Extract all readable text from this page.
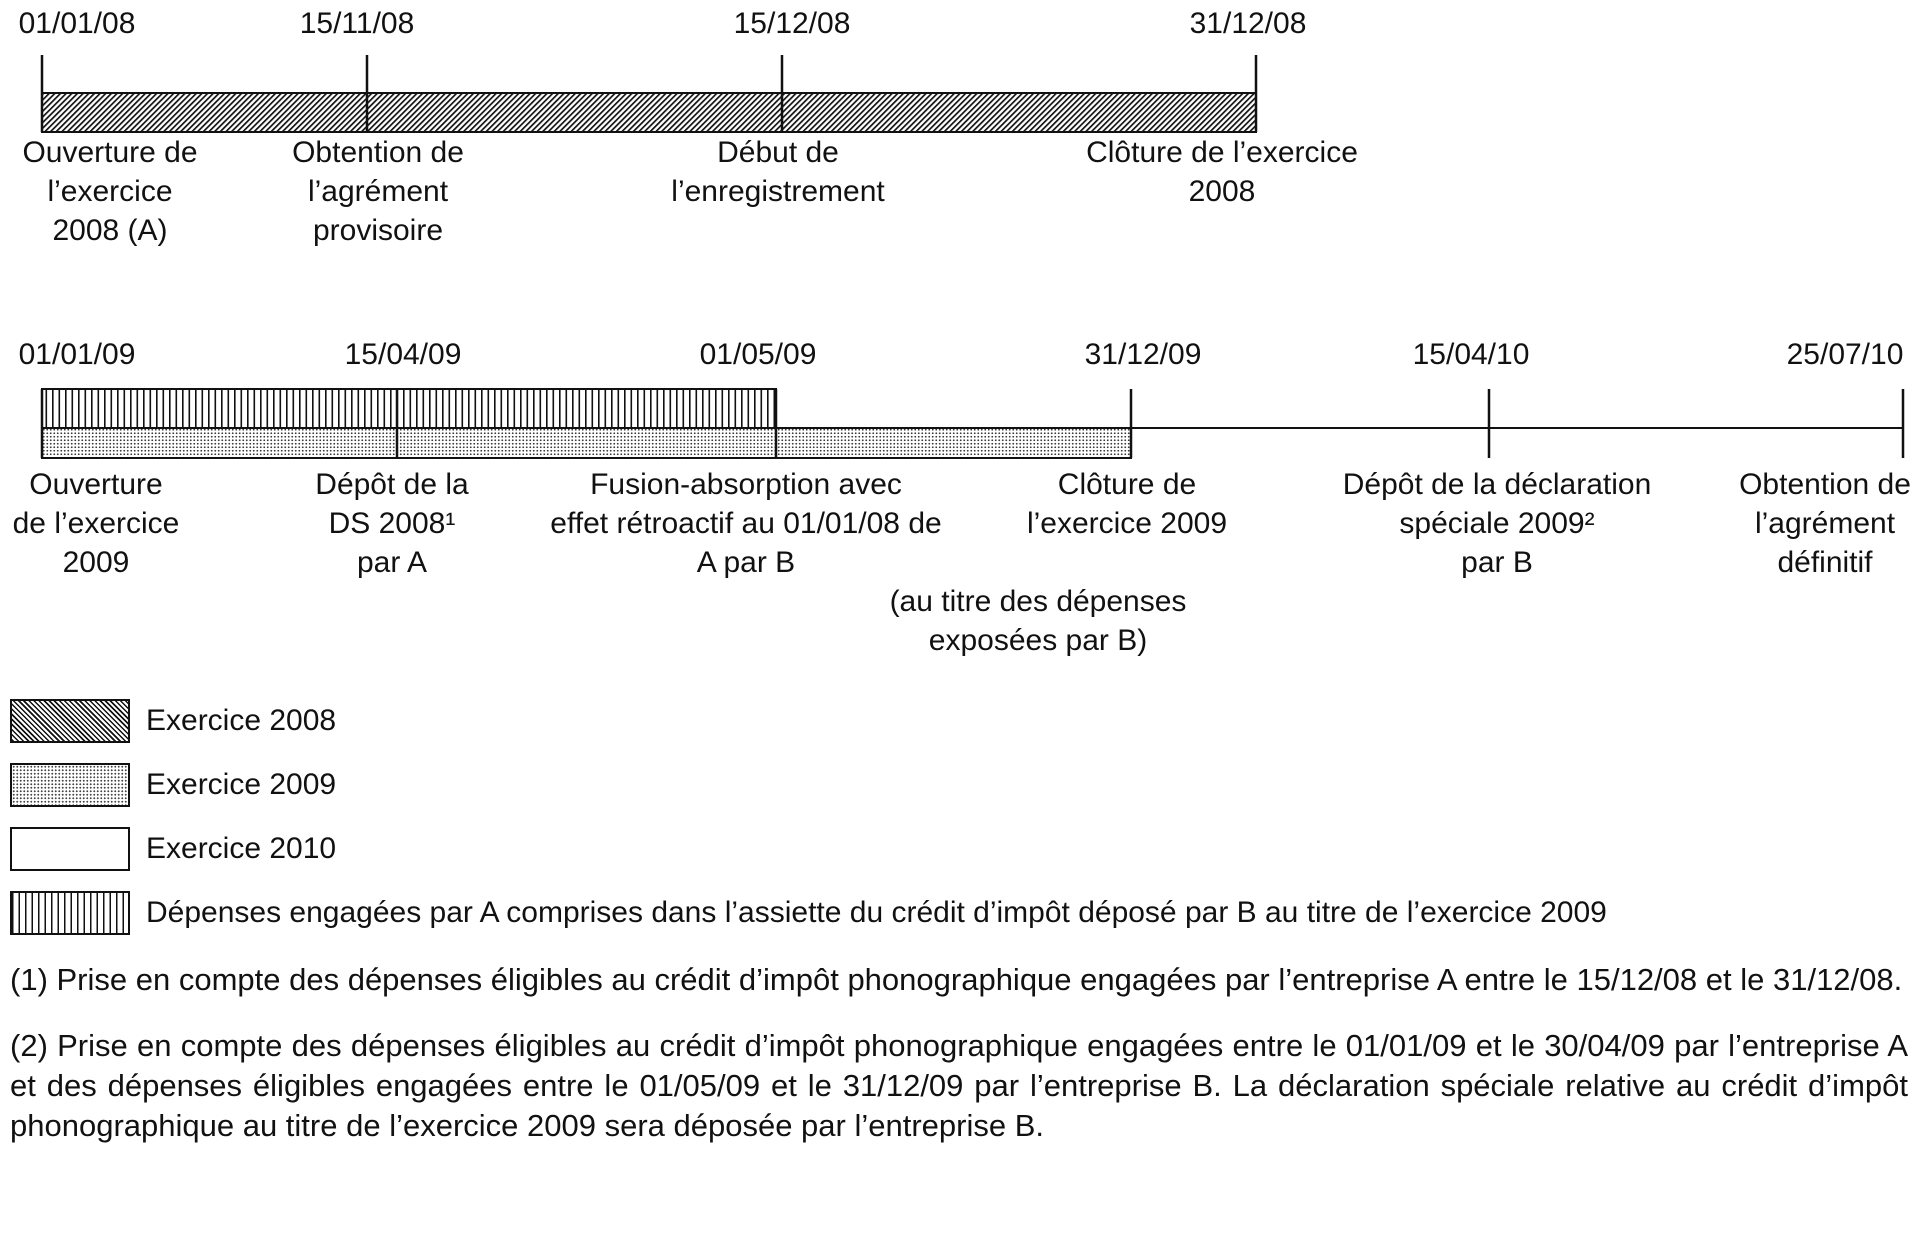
01/01/08	15/11/08	15/12/08	31/12/08
Ouverture de
l’exercice
2008 (A)
Obtention de
l’agrément
provisoire
Début de
l’enregistrement
Clôture de l’exercice
2008
01/01/09	15/04/09	01/05/09	31/12/09	15/04/10	25/07/10
Ouverture
de l’exercice
2009
Dépôt de la
DS 2008¹
par A
Fusion-absorption avec
effet rétroactif au 01/01/08 de
A par B
Clôture de
l’exercice 2009
(au titre des dépenses
exposées par B)
Dépôt de la déclaration
spéciale 2009²
par B
Obtention de
l’agrément
définitif
Exercice 2008
Exercice 2009
Exercice 2010
Dépenses engagées par A comprises dans l’assiette du crédit d’impôt déposé par B au titre de l’exercice 2009

(1) Prise en compte des dépenses éligibles au crédit d’impôt phonographique engagées par l’entreprise A entre le 15/12/08 et le 31/12/08.

(2) Prise en compte des dépenses éligibles au crédit d’impôt phonographique engagées entre le 01/01/09 et le 30/04/09 par l’entreprise A et des dépenses éligibles engagées entre le 01/05/09 et le 31/12/09 par l’entreprise B. La déclaration spéciale relative au crédit d’impôt phonographique au titre de l’exercice 2009 sera déposée par l’entreprise B.
